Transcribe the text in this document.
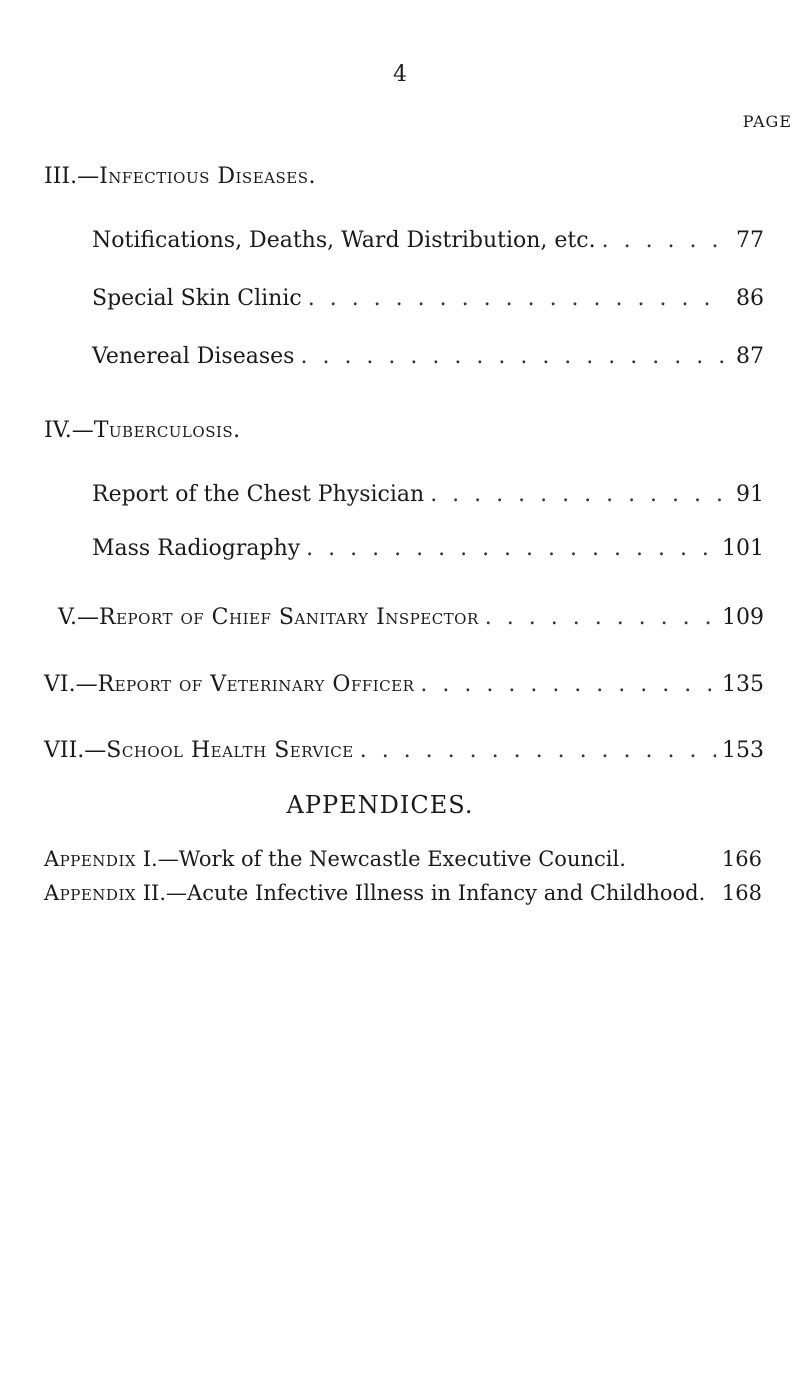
4
PAGE
III.—Infectious Diseases.
Notifications, Deaths, Ward Distribution, etc. . . .	77
Special Skin Clinic . . .	86
Venereal Diseases . . .	87
IV.—Tuberculosis.
Report of the Chest Physician . . .	91
Mass Radiography . . .	101
V.—Report of Chief Sanitary Inspector . . .	109
VI.—Report of Veterinary Officer . . .	135
VII.—School Health Service . . .	153
APPENDICES.
Appendix I.—Work of the Newcastle Executive Council.	166
Appendix II.—Acute Infective Illness in Infancy and Childhood. 168
